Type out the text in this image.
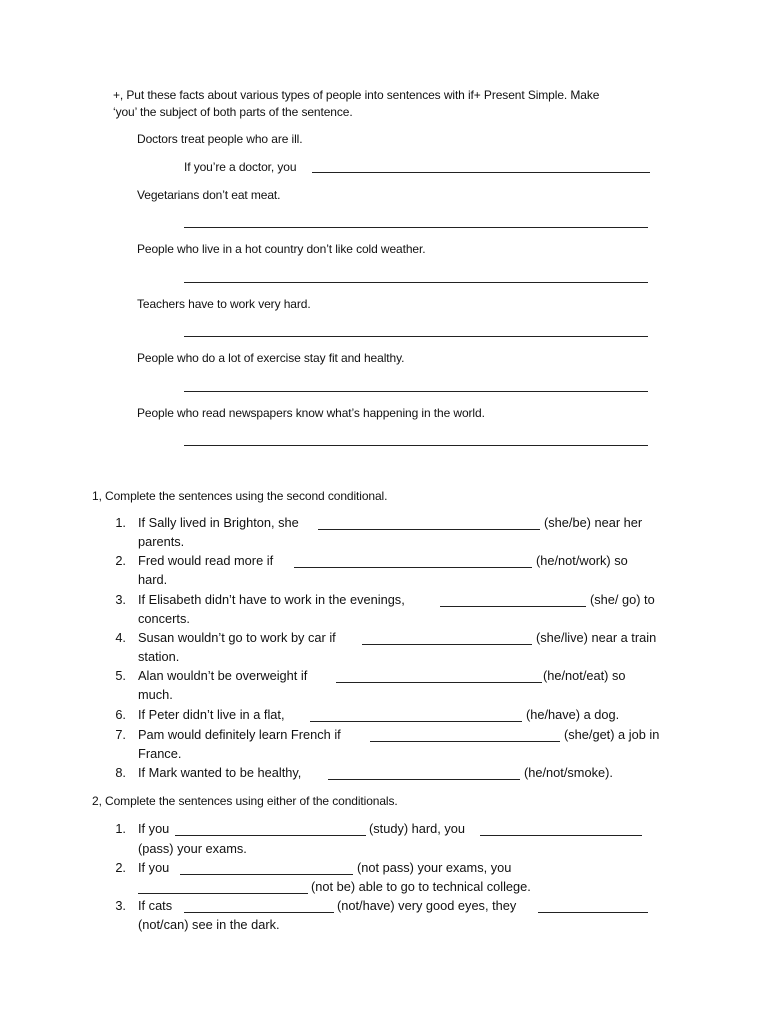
+, Put these facts about various types of people into sentences with if+ Present Simple. Make
‘you’ the subject of both parts of the sentence.
Doctors treat people who are ill.
If you’re a doctor, you
Vegetarians don’t eat meat.
People who live in a hot country don’t like cold weather.
Teachers have to work very hard.
People who do a lot of exercise stay fit and healthy.
People who read newspapers know what’s happening in the world.
1, Complete the sentences using the second conditional.
1. If Sally lived in Brighton, she	(she/be) near her
parents.
2. Fred would read more if	(he/not/work) so
hard.
3. If Elisabeth didn’t have to work in the evenings,	(she/ go) to
concerts.
4. Susan wouldn’t go to work by car if	(she/live) near a train
station.
5. Alan wouldn’t be overweight if	(he/not/eat) so
much.
6. If Peter didn’t live in a flat,	(he/have) a dog.
7. Pam would definitely learn French if	(she/get) a job in
France.
8. If Mark wanted to be healthy,	(he/not/smoke).
2, Complete the sentences using either of the conditionals.
1. If you	(study) hard, you
(pass) your exams.
2. If you	(not pass) your exams, you
(not be) able to go to technical college.
3. If cats	(not/have) very good eyes, they
(not/can) see in the dark.
